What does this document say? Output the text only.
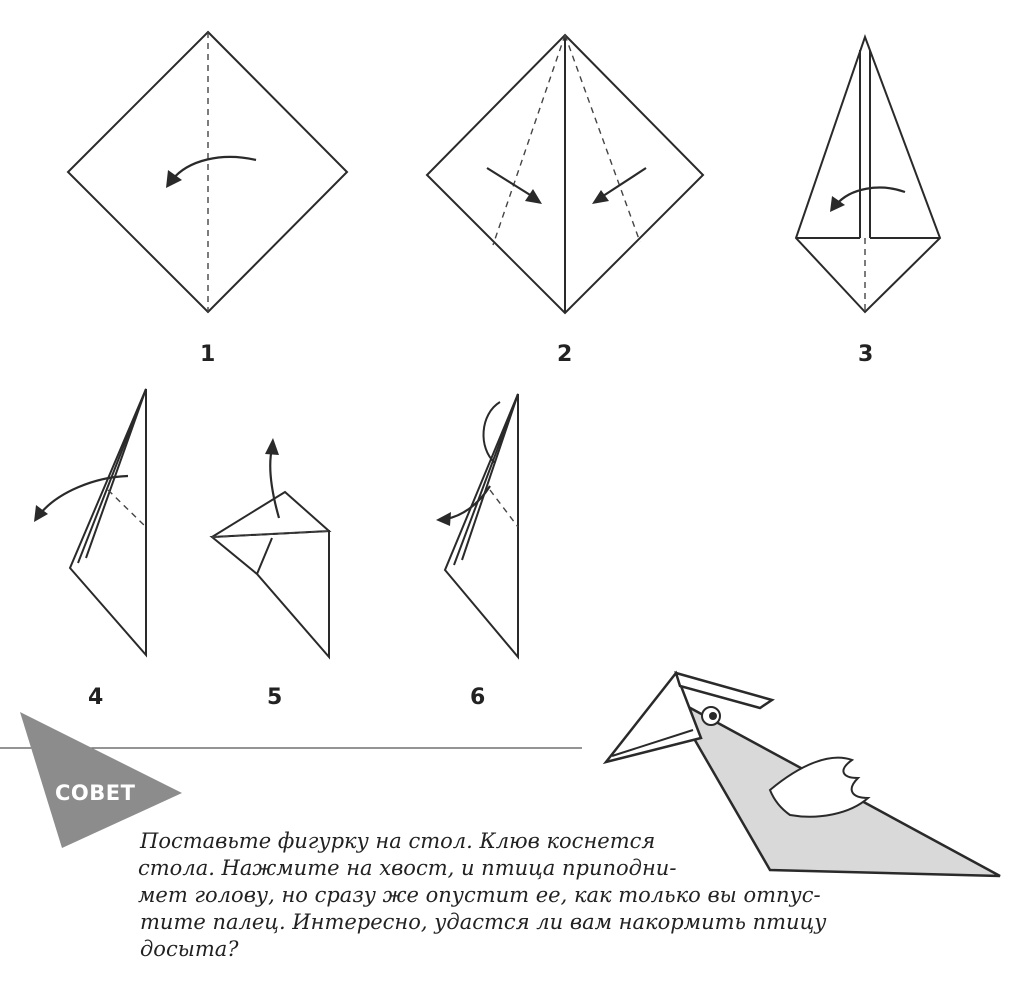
1	2	3
4	5	6
СОВЕТ
Поставьте фигурку на стол. Клюв коснется
стола. Нажмите на хвост, и птица приподни-
мет голову, но сразу же опустит ее, как только вы отпус-
тите палец. Интересно, удастся ли вам накормить птицу
досыта?
